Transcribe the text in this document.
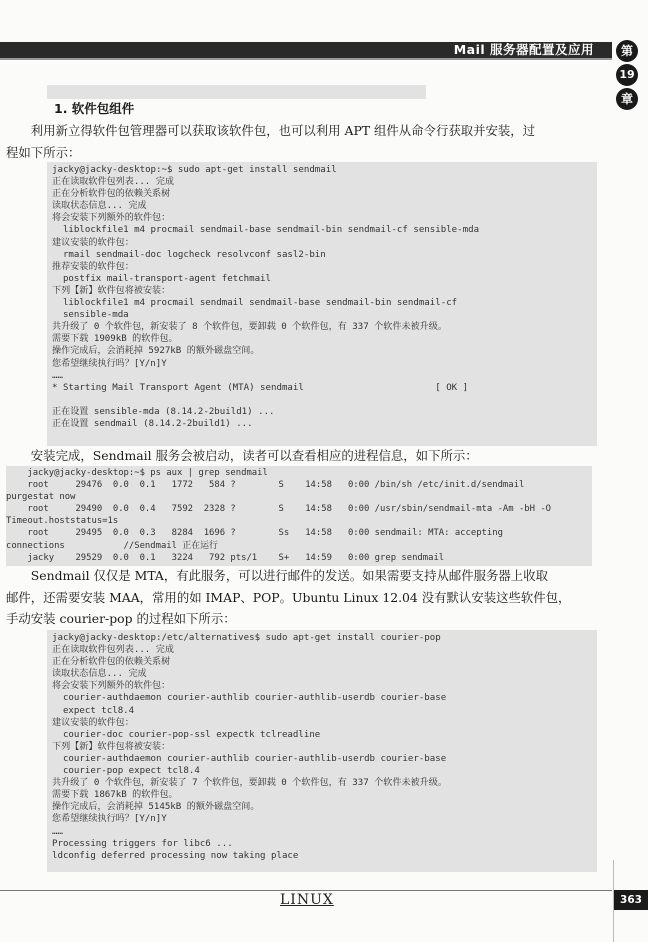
Mail 服务器配置及应用	第
19
章

1. 软件包组件
利用新立得软件包管理器可以获取该软件包，也可以利用 APT 组件从命令行获取并安装，过
程如下所示：
jacky@jacky-desktop:~$ sudo apt-get install sendmail
正在读取软件包列表... 完成
正在分析软件包的依赖关系树
读取状态信息... 完成
将会安装下列额外的软件包：
liblockfile1 m4 procmail sendmail-base sendmail-bin sendmail-cf sensible-mda
建议安装的软件包：
rmail sendmail-doc logcheck resolvconf sasl2-bin
推荐安装的软件包：
postfix mail-transport-agent fetchmail
下列【新】软件包将被安装：
liblockfile1 m4 procmail sendmail sendmail-base sendmail-bin sendmail-cf
sensible-mda
共升级了 0 个软件包，新安装了 8 个软件包，要卸载 0 个软件包，有 337 个软件未被升级。
需要下载 1909kB 的软件包。
操作完成后，会消耗掉 5927kB 的额外磁盘空间。
您希望继续执行吗？[Y/n]Y
……
* Starting Mail Transport Agent (MTA) sendmail                        [ OK ]
正在设置 sensible-mda (8.14.2-2build1) ...
正在设置 sendmail (8.14.2-2build1) ...
安装完成，Sendmail 服务会被启动，读者可以查看相应的进程信息，如下所示：
jacky@jacky-desktop:~$ ps aux | grep sendmail
root     29476  0.0  0.1   1772   584 ?        S    14:58   0:00 /bin/sh /etc/init.d/sendmail
purgestat now
root     29490  0.0  0.4   7592  2328 ?        S    14:58   0:00 /usr/sbin/sendmail-mta -Am -bH -O
Timeout.hoststatus=1s
root     29495  0.0  0.3   8284  1696 ?        Ss   14:58   0:00 sendmail: MTA: accepting
connections           //Sendmail 正在运行
jacky    29529  0.0  0.1   3224   792 pts/1    S+   14:59   0:00 grep sendmail
Sendmail 仅仅是 MTA，有此服务，可以进行邮件的发送。如果需要支持从邮件服务器上收取
邮件，还需要安装 MAA，常用的如 IMAP、POP。Ubuntu Linux 12.04 没有默认安装这些软件包，
手动安装 courier-pop 的过程如下所示：
jacky@jacky-desktop:/etc/alternatives$ sudo apt-get install courier-pop
正在读取软件包列表... 完成
正在分析软件包的依赖关系树
读取状态信息... 完成
将会安装下列额外的软件包：
courier-authdaemon courier-authlib courier-authlib-userdb courier-base
expect tcl8.4
建议安装的软件包：
courier-doc courier-pop-ssl expectk tclreadline
下列【新】软件包将被安装：
courier-authdaemon courier-authlib courier-authlib-userdb courier-base
courier-pop expect tcl8.4
共升级了 0 个软件包，新安装了 7 个软件包，要卸载 0 个软件包，有 337 个软件未被升级。
需要下载 1867kB 的软件包。
操作完成后，会消耗掉 5145kB 的额外磁盘空间。
您希望继续执行吗？[Y/n]Y
……
Processing triggers for libc6 ...
ldconfig deferred processing now taking place
LINUX	363
